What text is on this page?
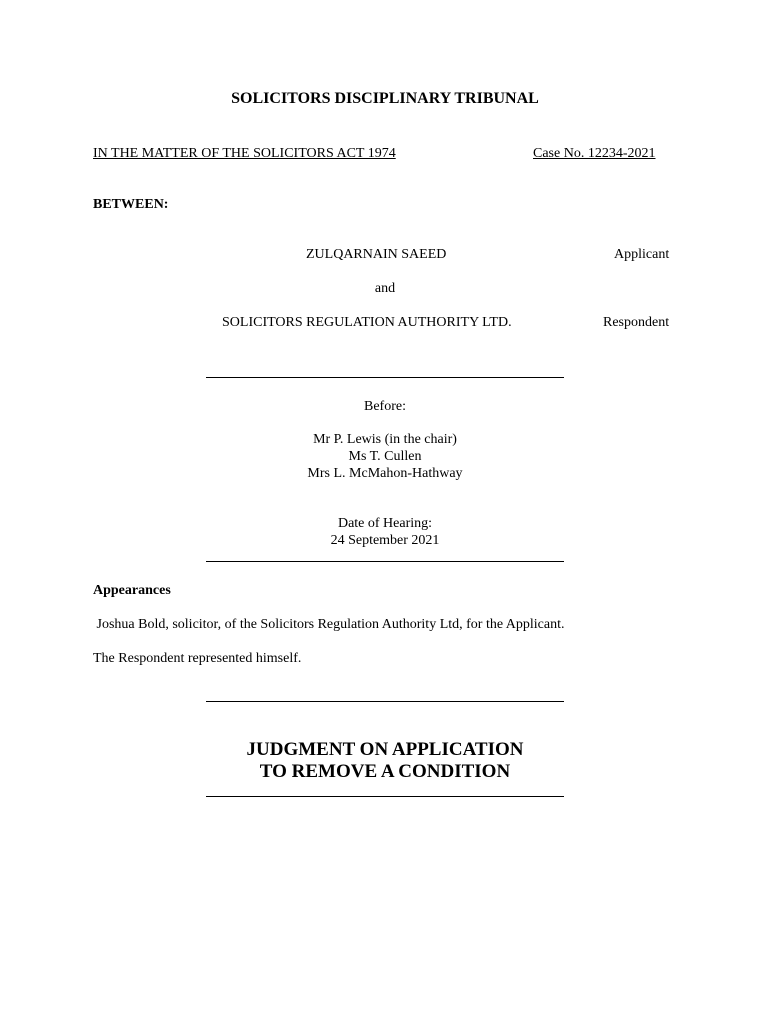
SOLICITORS DISCIPLINARY TRIBUNAL
IN THE MATTER OF THE SOLICITORS ACT 1974	Case No. 12234-2021
BETWEEN:
ZULQARNAIN SAEED	Applicant
and
SOLICITORS REGULATION AUTHORITY LTD.	Respondent
Before:
Mr P. Lewis (in the chair)
Ms T. Cullen
Mrs L. McMahon-Hathway
Date of Hearing:
24 September 2021
Appearances
Joshua Bold, solicitor, of the Solicitors Regulation Authority Ltd, for the Applicant.
The Respondent represented himself.
JUDGMENT ON APPLICATION
TO REMOVE A CONDITION
